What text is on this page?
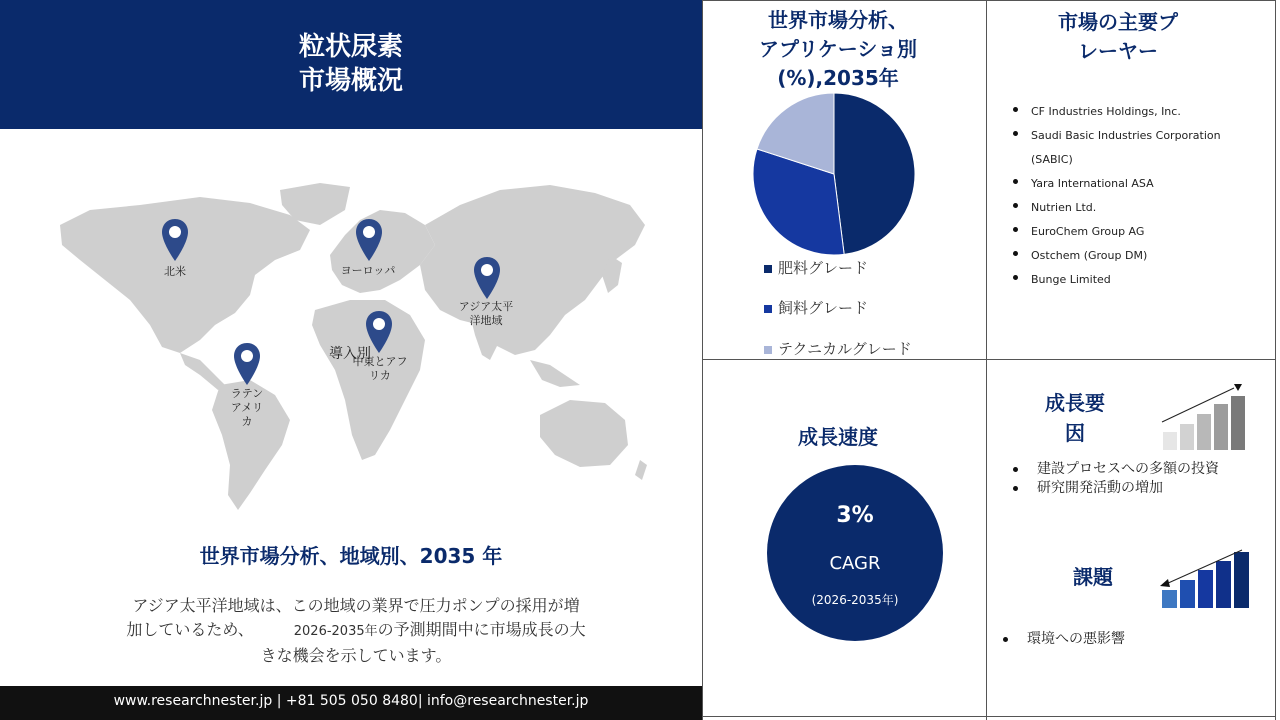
粒状尿素
市場概況
北米	ヨーロッパ
アジア太平
洋地域
導入別
中東とアフ
リカ
ラテン
アメリ
カ
世界市場分析、地域別、2035 年
アジア太平洋地域は、この地域の業界で圧力ポンプの採用が増
加しているため、	2026-2035年の予測期間中に市場成長の大
きな機会を示しています。
www.researchnester.jp | +81 505 050 8480| info@researchnester.jp
世界市場分析、
アプリケーショ別
(%),2035年
肥料グレード
飼料グレード
テクニカルグレード
市場の主要プ
レーヤー
CF Industries Holdings, Inc.
Saudi Basic Industries Corporation
(SABIC)
Yara International ASA
Nutrien Ltd.
EuroChem Group AG
Ostchem (Group DM)
Bunge Limited
成長速度
3%
CAGR
(2026-2035年)
成長要
因
建設プロセスへの多額の投資
研究開発活動の増加
課題
環境への悪影響
